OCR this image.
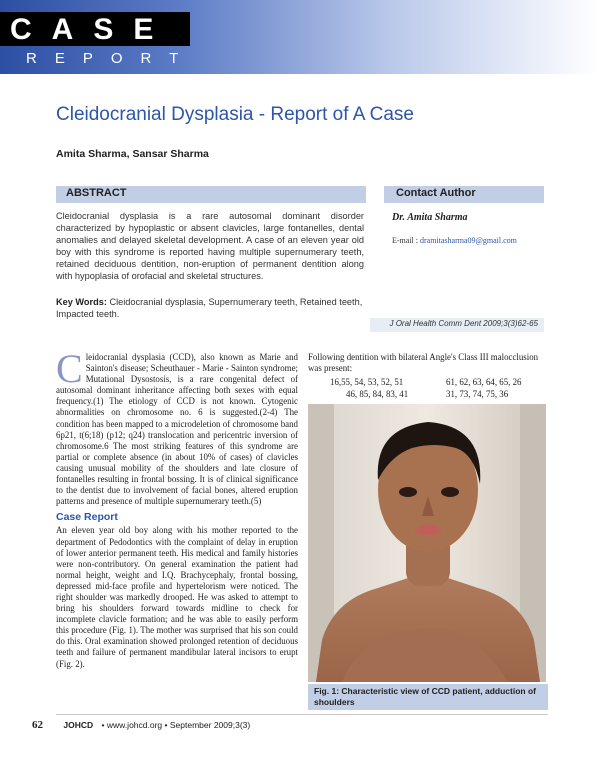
CASE
REPORT
Cleidocranial Dysplasia - Report of A Case
Amita Sharma, Sansar Sharma
ABSTRACT
Cleidocranial dysplasia is a rare autosomal dominant disorder characterized by hypoplastic or absent clavicles, large fontanelles, dental anomalies and delayed skeletal development. A case of an eleven year old boy with this syndrome is reported having multiple supernumerary teeth, retained deciduous dentition, non-eruption of permanent dentition along with hypoplasia of orofacial and skeletal structures.
Key Words: Cleidocranial dysplasia, Supernumerary teeth, Retained teeth, Impacted teeth.
Contact Author
Dr. Amita Sharma
E-mail : dramitasharma09@gmail.com
J Oral Health Comm Dent 2009;3(3)62-65

Cleidocranial dysplasia (CCD), also known as Marie and Sainton's disease; Scheuthauer - Marie - Sainton syndrome; Mutational Dysostosis, is a rare congenital defect of autosomal dominant inheritance affecting both sexes with equal frequency.(1) The etiology of CCD is not known. Cytogenic abnormalities on chromosome no. 6 is suggested.(2-4) The condition has been mapped to a microdeletion of chromosome band 6p21, t(6;18) (p12; q24) translocation and pericentric inversion of chromosome.6 The most striking features of this syndrome are partial or complete absence (in about 10% of cases) of clavicles causing unusual mobility of the shoulders and late closure of fontanelles resulting in frontal bossing. It is of clinical significance to the dentist due to involvement of facial bones, altered eruption patterns and presence of multiple supernumerary teeth.(5)

Case Report

An eleven year old boy along with his mother reported to the department of Pedodontics with the complaint of delay in eruption of lower anterior permanent teeth. His medical and family histories were non-contributory. On general examination the patient had normal height, weight and I.Q. Brachycephaly, frontal bossing, depressed mid-face profile and hypertelorism were noticed. The right shoulder was markedly drooped. He was asked to attempt to bring his shoulders forward towards midline to check for incomplete clavicle formation; and he was able to easily perform this procedure (Fig. 1). The mother was surprised that his son could do this. Oral examination showed prolonged retention of deciduous teeth and failure of permanent mandibular lateral incisors to erupt (Fig. 2).

Following dentition with bilateral Angle's Class III malocclusion was present:
16,55, 54, 53, 52, 51	61, 62, 63, 64, 65, 26
46, 85, 84, 83, 41	31, 73, 74, 75, 36
Fig. 1: Characteristic view of CCD patient, adduction of shoulders
62 JOHCD • www.johcd.org • September 2009;3(3)
